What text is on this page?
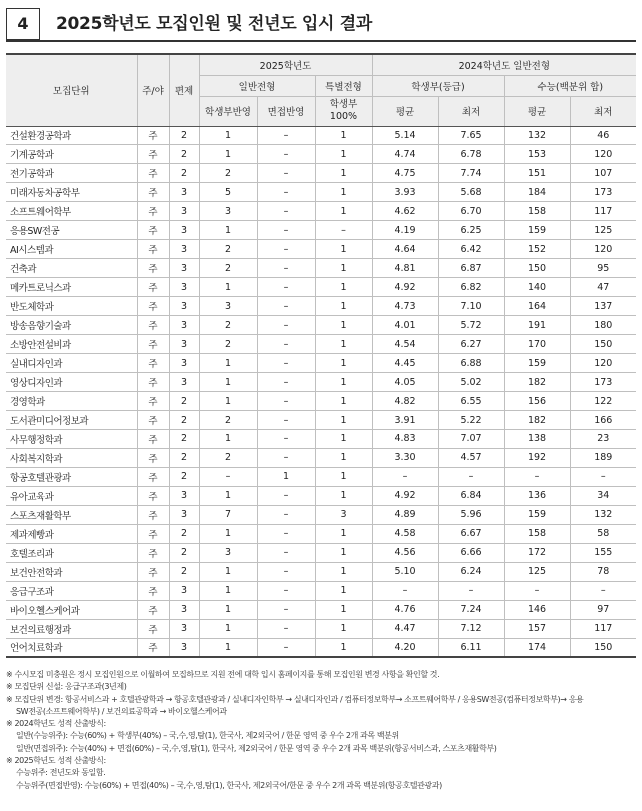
4	2025학년도 모집인원 및 전년도 입시 결과
모집단위	주/야	편제	2025학년도			2024학년도 일반전형			
			일반전형		특별전형	학생부(등급)		수능(백분위 합)	
			학생부반영	면접반영	학생부 100%	평균	최저	평균	최저
건설환경공학과	주	2	1	–	1	5.14	7.65	132	46
기계공학과	주	2	1	–	1	4.74	6.78	153	120
전기공학과	주	2	2	–	1	4.75	7.74	151	107
미래자동차공학부	주	3	5	–	1	3.93	5.68	184	173
소프트웨어학부	주	3	3	–	1	4.62	6.70	158	117
응용SW전공	주	3	1	–	–	4.19	6.25	159	125
AI시스템과	주	3	2	–	1	4.64	6.42	152	120
건축과	주	3	2	–	1	4.81	6.87	150	95
메카트로닉스과	주	3	1	–	1	4.92	6.82	140	47
반도체학과	주	3	3	–	1	4.73	7.10	164	137
방송음향기술과	주	3	2	–	1	4.01	5.72	191	180
소방안전설비과	주	3	2	–	1	4.54	6.27	170	150
실내디자인과	주	3	1	–	1	4.45	6.88	159	120
영상디자인과	주	3	1	–	1	4.05	5.02	182	173
경영학과	주	2	1	–	1	4.82	6.55	156	122
도서관미디어정보과	주	2	2	–	1	3.91	5.22	182	166
사무행정학과	주	2	1	–	1	4.83	7.07	138	23
사회복지학과	주	2	2	–	1	3.30	4.57	192	189
항공호텔관광과	주	2	–	1	1	–	–	–	–
유아교육과	주	3	1	–	1	4.92	6.84	136	34
스포츠재활학부	주	3	7	–	3	4.89	5.96	159	132
제과제빵과	주	2	1	–	1	4.58	6.67	158	58
호텔조리과	주	2	3	–	1	4.56	6.66	172	155
보건안전학과	주	2	1	–	1	5.10	6.24	125	78
응급구조과	주	3	1	–	1	–	–	–	–
바이오헬스케어과	주	3	1	–	1	4.76	7.24	146	97
보건의료행정과	주	3	1	–	1	4.47	7.12	157	117
언어치료학과	주	3	1	–	1	4.20	6.11	174	150
※ 수시모집 미충원은 정시 모집인원으로 이월하여 모집하므로 지원 전에 대학 입시 홈페이지를 통해 모집인원 변경 사항을 확인할 것.
※ 모집단위 신설: 응급구조과(3년제)
※ 모집단위 변경: 항공서비스과 + 호텔관광학과 → 항공호텔관광과 / 실내디자인학부 → 실내디자인과 / 컴퓨터정보학부→ 소프트웨어학부 / 응용SW전공(컴퓨터정보학부)→ 응용
SW전공(소프트웨어학부) / 보건의료공학과 → 바이오헬스케어과
※ 2024학년도 성적 산출방식:
일반(수능위주): 수능(60%) + 학생부(40%) – 국,수,영,탐(1), 한국사, 제2외국어 / 한문 영역 중 우수 2개 과목 백분위
일반(면접위주): 수능(40%) + 면접(60%) – 국,수,영,탐(1), 한국사, 제2외국어 / 한문 영역 중 우수 2개 과목 백분위(항공서비스과, 스포츠재활학부)
※ 2025학년도 성적 산출방식:
수능위주: 전년도와 동일함.
수능위주(면접반영): 수능(60%) + 면접(40%) – 국,수,영,탐(1), 한국사, 제2외국어/한문 중 우수 2개 과목 백분위(항공호텔관광과)
